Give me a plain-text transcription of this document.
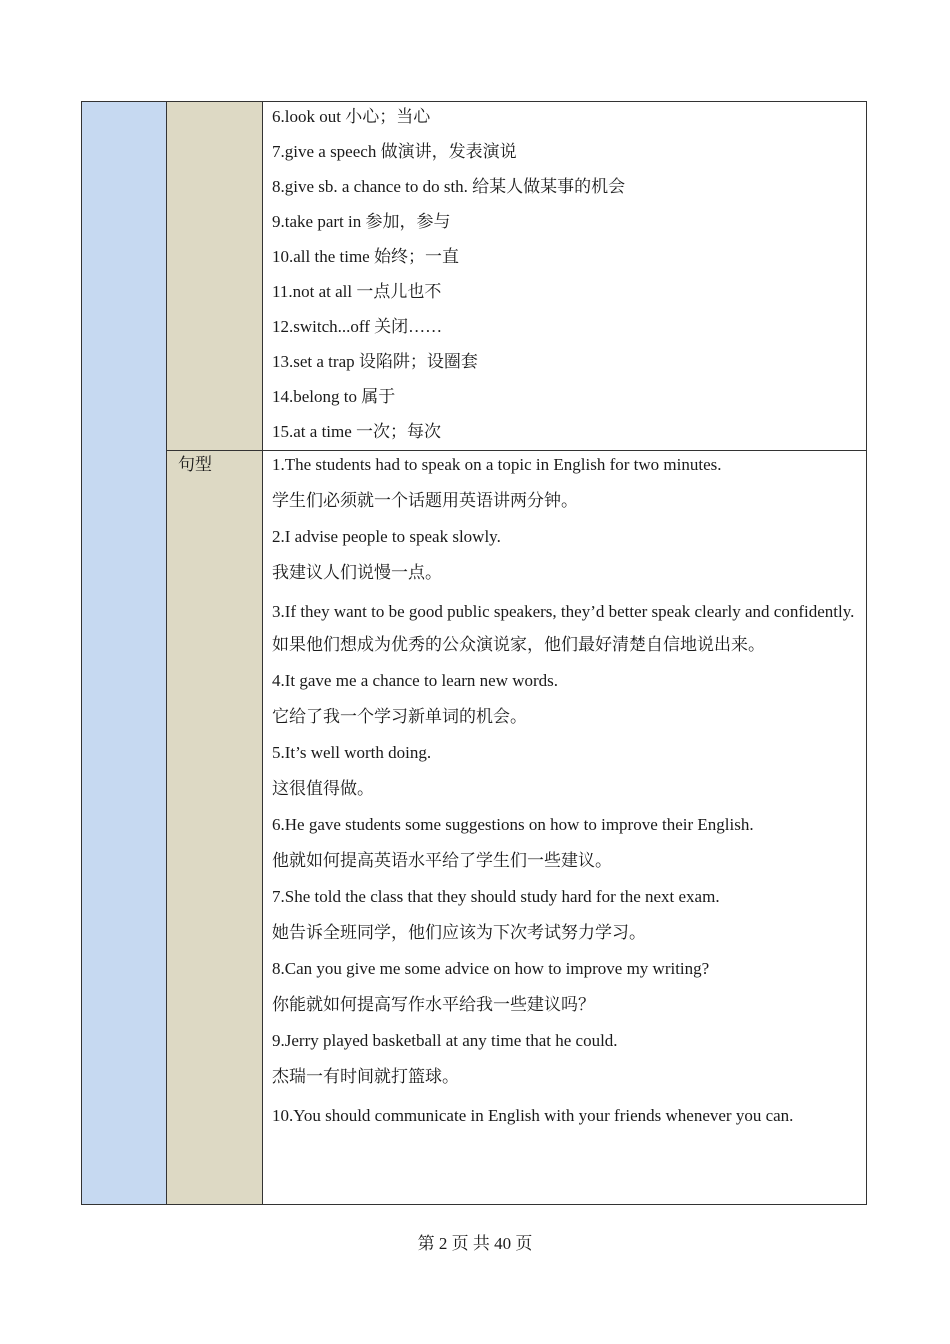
6.look out 小心；当心
7.give a speech 做演讲，发表演说
8.give sb. a chance to do sth. 给某人做某事的机会
9.take part in 参加，参与
10.all the time 始终；一直
11.not at all 一点儿也不
12.switch...off 关闭……
13.set a trap 设陷阱；设圈套
14.belong to 属于
15.at a time 一次；每次
句型	1.The students had to speak on a topic in English for two minutes.
学生们必须就一个话题用英语讲两分钟。
2.I advise people to speak slowly.
我建议人们说慢一点。
3.If they want to be good public speakers, they’d better speak clearly and confidently.
如果他们想成为优秀的公众演说家，他们最好清楚自信地说出来。
4.It gave me a chance to learn new words.
它给了我一个学习新单词的机会。
5.It’s well worth doing.
这很值得做。
6.He gave students some suggestions on how to improve their English.
他就如何提高英语水平给了学生们一些建议。
7.She told the class that they should study hard for the next exam.
她告诉全班同学，他们应该为下次考试努力学习。
8.Can you give me some advice on how to improve my writing?
你能就如何提高写作水平给我一些建议吗？
9.Jerry played basketball at any time that he could.
杰瑞一有时间就打篮球。
10.You should communicate in English with your friends whenever you can.
第 2 页 共 40 页
